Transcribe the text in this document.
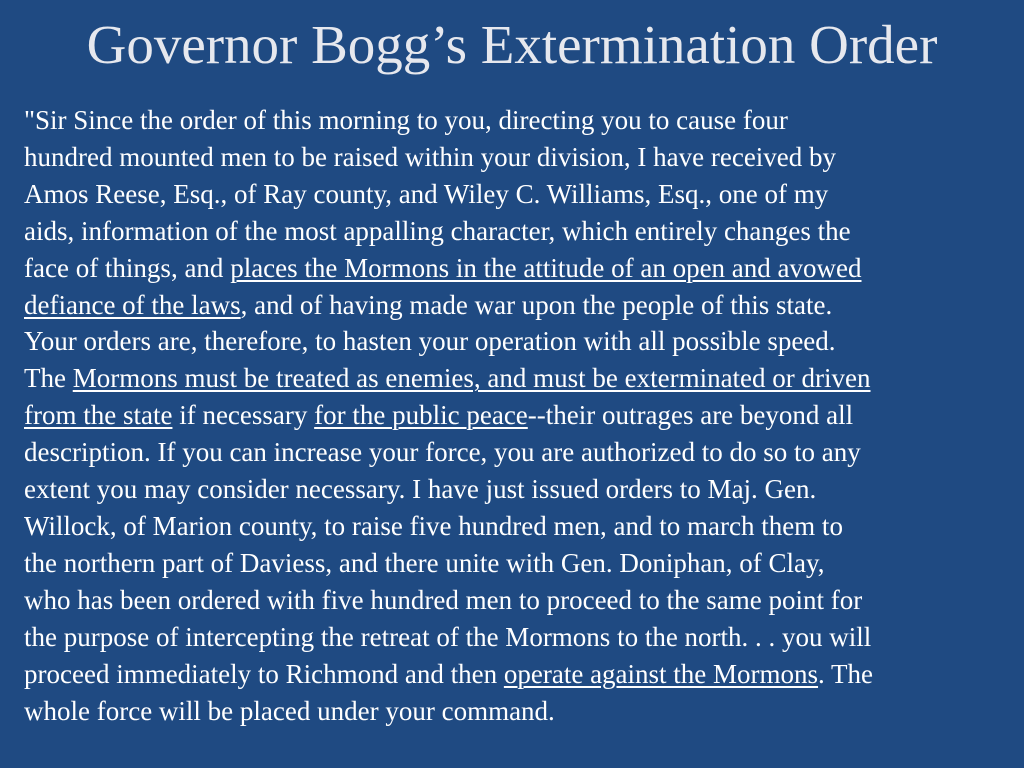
Governor Bogg’s Extermination Order
"Sir Since the order of this morning to you, directing you to cause four
hundred mounted men to be raised within your division, I have received by
Amos Reese, Esq., of Ray county, and Wiley C. Williams, Esq., one of my
aids, information of the most appalling character, which entirely changes the
face of things, and places the Mormons in the attitude of an open and avowed
defiance of the laws, and of having made war upon the people of this state.
Your orders are, therefore, to hasten your operation with all possible speed.
The Mormons must be treated as enemies, and must be exterminated or driven
from the state if necessary for the public peace--their outrages are beyond all
description. If you can increase your force, you are authorized to do so to any
extent you may consider necessary. I have just issued orders to Maj. Gen.
Willock, of Marion county, to raise five hundred men, and to march them to
the northern part of Daviess, and there unite with Gen. Doniphan, of Clay,
who has been ordered with five hundred men to proceed to the same point for
the purpose of intercepting the retreat of the Mormons to the north. . . you will
proceed immediately to Richmond and then operate against the Mormons. The
whole force will be placed under your command.
